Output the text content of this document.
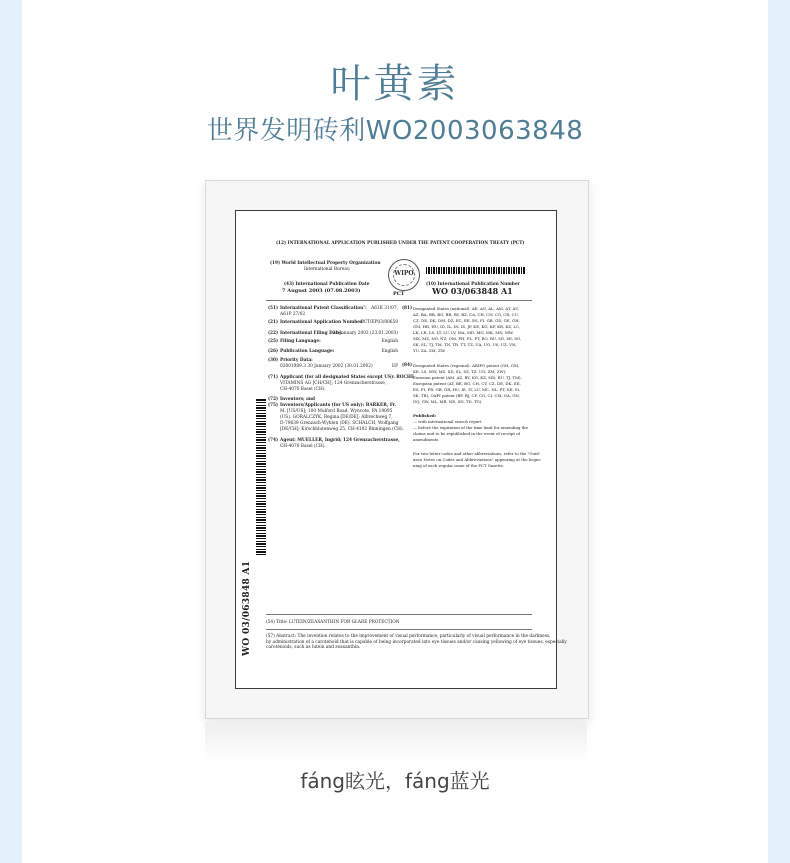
叶黄素
世界发明砖利WO2003063848
(12) INTERNATIONAL APPLICATION PUBLISHED UNDER THE PATENT COOPERATION TREATY (PCT)
(19) World Intellectual Property Organization
International Bureau
WIPO
(43) International Publication Date
7 August 2003 (07.08.2003)	PCT
(10) International Publication Number
WO 03/063848 A1
(51) International Patent Classification⁷: A61K 31/07,
A61P 27/02
(21) International Application Number:
PCT/EP03/00658
(22) International Filing Date:
23 January 2003 (23.01.2003)
(25) Filing Language:	English
(26) Publication Language:	English
(30) Priority Data:
02001989.3 30 January 2002 (30.01.2002)	EP
(71) Applicant (for all designated States except US): ROCHE
VITAMINS AG [CH/CH]; 124 Grenzacherstrasse,
CH-4070 Basel (CH).
(72) Inventors; and
(75) Inventors/Applicants (for US only): BARKER, Fr.
M. [US/US]; 100 Mulford Road, Wyncote, PA 19095
(US). GORALCZYK, Regina [DE/DE]; Albrechweg 7,
D-79639 Grenzach-Wyhlen (DE). SCHALCH, Wolfgang
[DE/CH]; Kirschblutenweg 25, CH-4102 Binningen (CH).
(74) Agent: MUELLER, Ingrid; 124 Grenzacherstrasse,
CH-4070 Basel (CH).
(81) Designated States (national): AE, AG, AL, AM, AT, AU,
AZ, BA, BB, BG, BR, BY, BZ, CA, CH, CN, CO, CR, CU,
CZ, DE, DK, DM, DZ, EC, EE, ES, FI, GB, GD, GE, GH,
GM, HR, HU, ID, IL, IN, IS, JP, KE, KG, KP, KR, KZ, LC,
LK, LR, LS, LT, LU, LV, MA, MD, MG, MK, MN, MW,
MX, MZ, NO, NZ, OM, PH, PL, PT, RO, RU, SD, SE, SG,
SK, SL, TJ, TM, TN, TR, TT, TZ, UA, UG, US, UZ, VN,
YU, ZA, ZM, ZW.
(84) Designated States (regional): ARIPO patent (GH, GM,
KE, LS, MW, MZ, SD, SL, SZ, TZ, UG, ZM, ZW),
Eurasian patent (AM, AZ, BY, KG, KZ, MD, RU, TJ, TM),
European patent (AT, BE, BG, CH, CY, CZ, DE, DK, EE,
ES, FI, FR, GB, GR, HU, IE, IT, LU, MC, NL, PT, SE, SI,
SK, TR), OAPI patent (BF, BJ, CF, CG, CI, CM, GA, GN,
GQ, GW, ML, MR, NE, SN, TD, TG).
Published:
— with international search report
— before the expiration of the time limit for amending the
claims and to be republished in the event of receipt of
amendments
For two-letter codes and other abbreviations, refer to the "Guid-
ance Notes on Codes and Abbreviations" appearing at the begin-
ning of each regular issue of the PCT Gazette.
WO 03/063848 A1	(54) Title: LUTEIN/ZEAXANTHIN FOR GLARE PROTECTION
(57) Abstract: The invention relates to the improvement of visual performance, particularly of visual performance in the darkness,
by administration of a carotenoid that is capable of being incorporated into eye tissues and/or causing yellowing of eye tissues, especially
carotenoids, such as lutein and zeaxanthin.
fáng眩光，fáng蓝光
